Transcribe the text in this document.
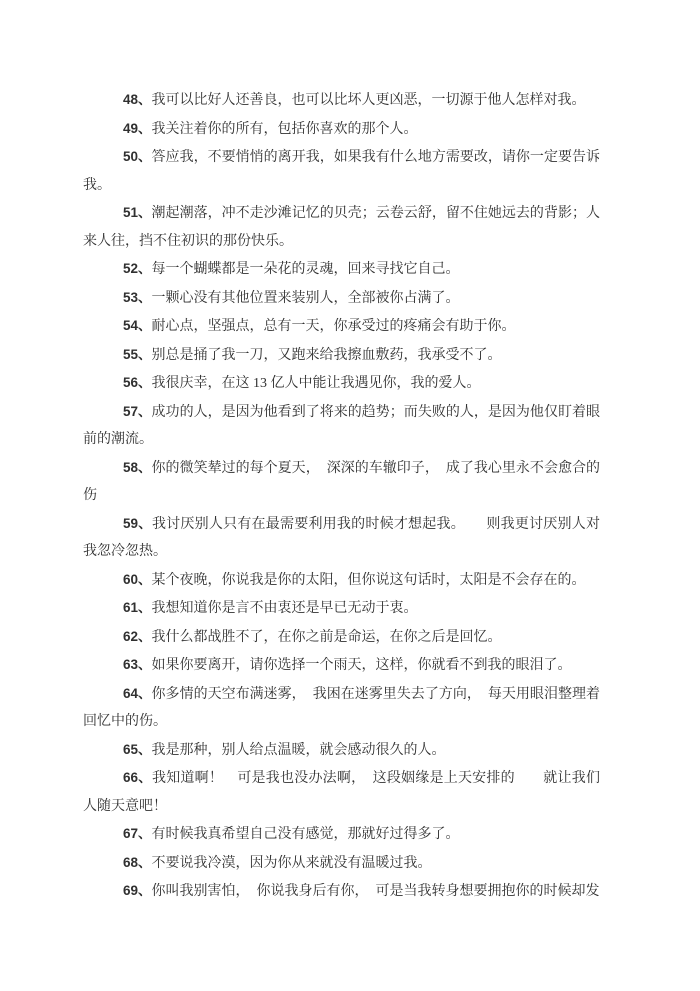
48、我可以比好人还善良，也可以比坏人更凶恶，一切源于他人怎样对我。

49、我关注着你的所有，包括你喜欢的那个人。

50、答应我，不要悄悄的离开我，如果我有什么地方需要改，请你一定要告诉我。

51、潮起潮落，冲不走沙滩记忆的贝壳；云卷云舒，留不住她远去的背影；人来人往，挡不住初识的那份快乐。

52、每一个蝴蝶都是一朵花的灵魂，回来寻找它自己。

53、一颗心没有其他位置来装别人，全部被你占满了。

54、耐心点，坚强点，总有一天，你承受过的疼痛会有助于你。

55、别总是捅了我一刀，又跑来给我擦血敷药，我承受不了。

56、我很庆幸，在这 13 亿人中能让我遇见你，我的爱人。

57、成功的人，是因为他看到了将来的趋势；而失败的人，是因为他仅盯着眼前的潮流。

58、你的微笑辇过的每个夏天，　深深的车辙印子，　成了我心里永不会愈合的伤

59、我讨厌别人只有在最需要利用我的时候才想起我。　　则我更讨厌别人对我忽冷忽热。

60、某个夜晚，你说我是你的太阳，但你说这句话时，太阳是不会存在的。

61、我想知道你是言不由衷还是早已无动于衷。

62、我什么都战胜不了，在你之前是命运，在你之后是回忆。

63、如果你要离开，请你选择一个雨天，这样，你就看不到我的眼泪了。

64、你多情的天空布满迷雾，　我困在迷雾里失去了方向，　每天用眼泪整理着回忆中的伤。

65、我是那种，别人给点温暖，就会感动很久的人。

66、我知道啊！　可是我也没办法啊，　这段姻缘是上天安排的　　就让我们人随天意吧！

67、有时候我真希望自己没有感觉，那就好过得多了。

68、不要说我冷漠，因为你从来就没有温暖过我。

69、你叫我别害怕，　你说我身后有你，　可是当我转身想要拥抱你的时候却发
